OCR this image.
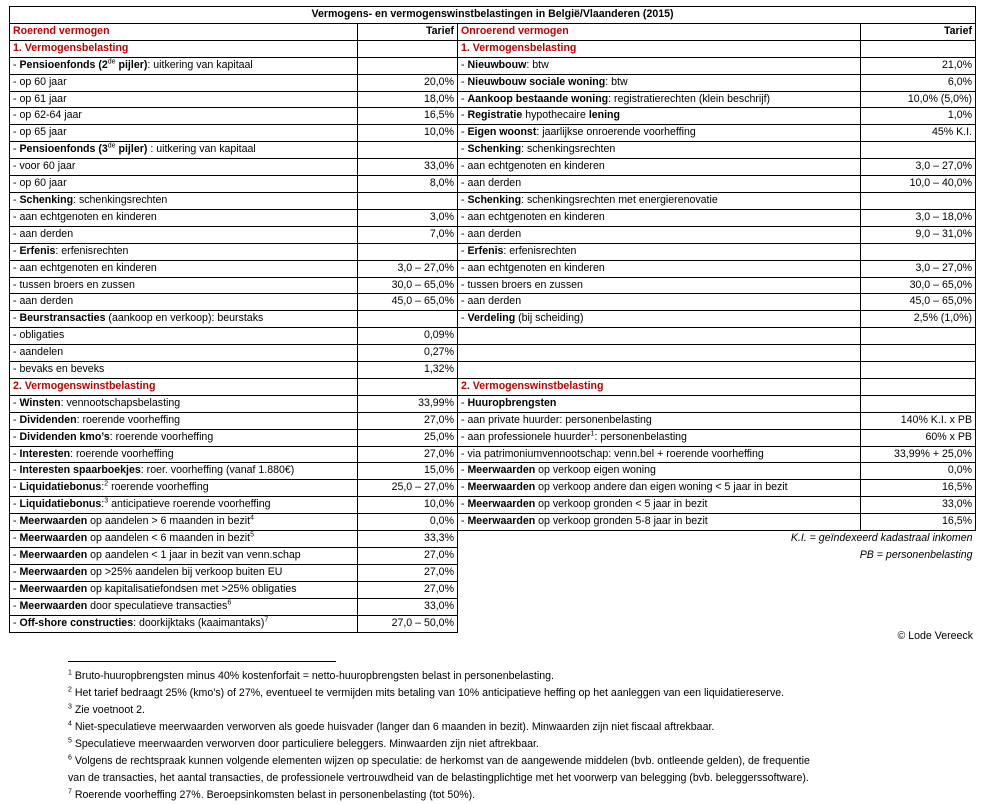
Vermogens- en vermogenswinstbelastingen in België/Vlaanderen (2015)			
Roerend vermogen	Tarief	Onroerend vermogen	Tarief
1. Vermogensbelasting		1. Vermogensbelasting	
- Pensioenfonds (2de pijler): uitkering van kapitaal		- Nieuwbouw: btw	21,0%
- op 60 jaar	20,0%	- Nieuwbouw sociale woning: btw	6,0%
- op 61 jaar	18,0%	- Aankoop bestaande woning: registratierechten (klein beschrijf)	10,0% (5,0%)
- op 62-64 jaar	16,5%	- Registratie hypothecaire lening	1,0%
- op 65 jaar	10,0%	- Eigen woonst: jaarlijkse onroerende voorheffing	45% K.I.
- Pensioenfonds (3de pijler) : uitkering van kapitaal		- Schenking: schenkingsrechten	
- voor 60 jaar	33,0%	- aan echtgenoten en kinderen	3,0 – 27,0%
- op 60 jaar	8,0%	- aan derden	10,0 – 40,0%
- Schenking: schenkingsrechten		- Schenking: schenkingsrechten met energierenovatie	
- aan echtgenoten en kinderen	3,0%	- aan echtgenoten en kinderen	3,0 – 18,0%
- aan derden	7,0%	- aan derden	9,0 – 31,0%
- Erfenis: erfenisrechten		- Erfenis: erfenisrechten	
- aan echtgenoten en kinderen	3,0 – 27,0%	- aan echtgenoten en kinderen	3,0 – 27,0%
- tussen broers en zussen	30,0 – 65,0%	- tussen broers en zussen	30,0 – 65,0%
- aan derden	45,0 – 65,0%	- aan derden	45,0 – 65,0%
- Beurstransacties (aankoop en verkoop): beurstaks		- Verdeling (bij scheiding)	2,5% (1,0%)
- obligaties	0,09%		
- aandelen	0,27%		
- bevaks en beveks	1,32%		
2. Vermogenswinstbelasting		2. Vermogenswinstbelasting	
- Winsten: vennootschapsbelasting	33,99%	- Huuropbrengsten	
- Dividenden: roerende voorheffing	27,0%	- aan private huurder: personenbelasting	140% K.I. x PB
- Dividenden kmo’s: roerende voorheffing	25,0%	- aan professionele huurder$^1$: personenbelasting	60% x PB
- Interesten: roerende voorheffing	27,0%	- via patrimoniumvennootschap: venn.bel + roerende voorheffing	33,99% + 25,0%
- Interesten spaarboekjes: roer. voorheffing (vanaf 1.880€)	15,0%	- Meerwaarden op verkoop eigen woning	0,0%
- Liquidatiebonus:$^2$ roerende voorheffing	25,0 – 27,0%	- Meerwaarden op verkoop andere dan eigen woning < 5 jaar in bezit	16,5%
- Liquidatiebonus:$^3$ anticipatieve roerende voorheffing	10,0%	- Meerwaarden op verkoop gronden < 5 jaar in bezit	33,0%
- Meerwaarden op aandelen > 6 maanden in bezit$^4$	0,0%	- Meerwaarden op verkoop gronden 5-8 jaar in bezit	16,5%
- Meerwaarden op aandelen < 6 maanden in bezit$^5$	33,3%	K.I. = geïndexeerd kadastraal inkomen	
- Meerwaarden op aandelen < 1 jaar in bezit van venn.schap	27,0%	PB = personenbelasting	
- Meerwaarden op >25% aandelen bij verkoop buiten EU	27,0%		
- Meerwaarden op kapitalisatiefondsen met >25% obligaties	27,0%		
- Meerwaarden door speculatieve transacties$^6$	33,0%		
- Off-shore constructies: doorkijktaks (kaaimantaks)$^7$	27,0 – 50,0%		
© Lode Vereeck
$^1$ Bruto-huuropbrengsten minus 40% kostenforfait = netto-huuropbrengsten belast in personenbelasting.
$^2$ Het tarief bedraagt 25% (kmo’s) of 27%, eventueel te vermijden mits betaling van 10% anticipatieve heffing op het aanleggen van een liquidatiereserve.
$^3$ Zie voetnoot 2.
$^4$ Niet-speculatieve meerwaarden verworven als goede huisvader (langer dan 6 maanden in bezit). Minwaarden zijn niet fiscaal aftrekbaar.
$^5$ Speculatieve meerwaarden verworven door particuliere beleggers. Minwaarden zijn niet aftrekbaar.
$^6$ Volgens de rechtspraak kunnen volgende elementen wijzen op speculatie: de herkomst van de aangewende middelen (bvb. ontleende gelden), de frequentie
van de transacties, het aantal transacties, de professionele vertrouwdheid van de belastingplichtige met het voorwerp van belegging (bvb. beleggerssoftware).
$^7$ Roerende voorheffing 27%. Beroepsinkomsten belast in personenbelasting (tot 50%).
